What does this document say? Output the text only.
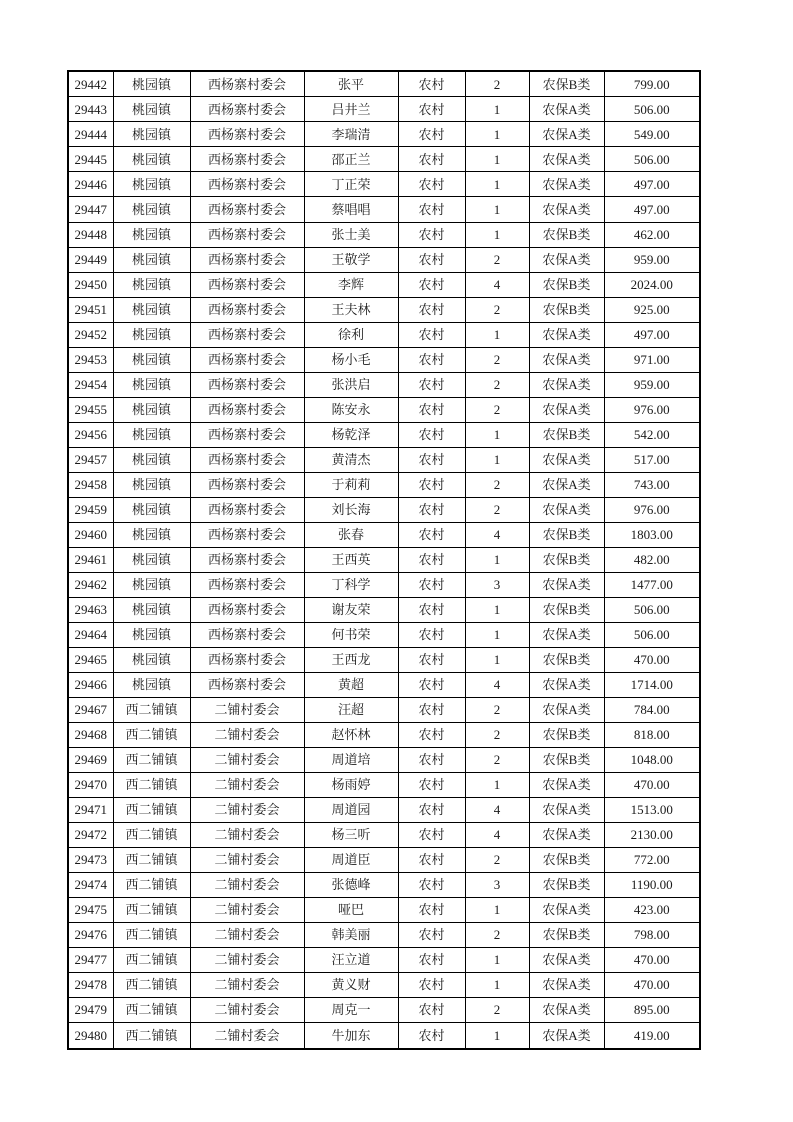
29442	桃园镇	西杨寨村委会	张平	农村	2	农保B类	799.00
29443	桃园镇	西杨寨村委会	吕井兰	农村	1	农保A类	506.00
29444	桃园镇	西杨寨村委会	李瑞清	农村	1	农保A类	549.00
29445	桃园镇	西杨寨村委会	邵正兰	农村	1	农保A类	506.00
29446	桃园镇	西杨寨村委会	丁正荣	农村	1	农保A类	497.00
29447	桃园镇	西杨寨村委会	蔡唱唱	农村	1	农保A类	497.00
29448	桃园镇	西杨寨村委会	张士美	农村	1	农保B类	462.00
29449	桃园镇	西杨寨村委会	王敬学	农村	2	农保A类	959.00
29450	桃园镇	西杨寨村委会	李辉	农村	4	农保B类	2024.00
29451	桃园镇	西杨寨村委会	王夫林	农村	2	农保B类	925.00
29452	桃园镇	西杨寨村委会	徐利	农村	1	农保A类	497.00
29453	桃园镇	西杨寨村委会	杨小毛	农村	2	农保A类	971.00
29454	桃园镇	西杨寨村委会	张洪启	农村	2	农保A类	959.00
29455	桃园镇	西杨寨村委会	陈安永	农村	2	农保A类	976.00
29456	桃园镇	西杨寨村委会	杨乾泽	农村	1	农保B类	542.00
29457	桃园镇	西杨寨村委会	黄清杰	农村	1	农保A类	517.00
29458	桃园镇	西杨寨村委会	于莉莉	农村	2	农保A类	743.00
29459	桃园镇	西杨寨村委会	刘长海	农村	2	农保A类	976.00
29460	桃园镇	西杨寨村委会	张春	农村	4	农保B类	1803.00
29461	桃园镇	西杨寨村委会	王西英	农村	1	农保B类	482.00
29462	桃园镇	西杨寨村委会	丁科学	农村	3	农保A类	1477.00
29463	桃园镇	西杨寨村委会	谢友荣	农村	1	农保B类	506.00
29464	桃园镇	西杨寨村委会	何书荣	农村	1	农保A类	506.00
29465	桃园镇	西杨寨村委会	王西龙	农村	1	农保B类	470.00
29466	桃园镇	西杨寨村委会	黄超	农村	4	农保A类	1714.00
29467	西二铺镇	二铺村委会	汪超	农村	2	农保A类	784.00
29468	西二铺镇	二铺村委会	赵怀林	农村	2	农保B类	818.00
29469	西二铺镇	二铺村委会	周道培	农村	2	农保B类	1048.00
29470	西二铺镇	二铺村委会	杨雨婷	农村	1	农保A类	470.00
29471	西二铺镇	二铺村委会	周道园	农村	4	农保A类	1513.00
29472	西二铺镇	二铺村委会	杨三听	农村	4	农保A类	2130.00
29473	西二铺镇	二铺村委会	周道臣	农村	2	农保B类	772.00
29474	西二铺镇	二铺村委会	张德峰	农村	3	农保B类	1190.00
29475	西二铺镇	二铺村委会	哑巴	农村	1	农保A类	423.00
29476	西二铺镇	二铺村委会	韩美丽	农村	2	农保B类	798.00
29477	西二铺镇	二铺村委会	汪立道	农村	1	农保A类	470.00
29478	西二铺镇	二铺村委会	黄义财	农村	1	农保A类	470.00
29479	西二铺镇	二铺村委会	周克一	农村	2	农保A类	895.00
29480	西二铺镇	二铺村委会	牛加东	农村	1	农保A类	419.00
